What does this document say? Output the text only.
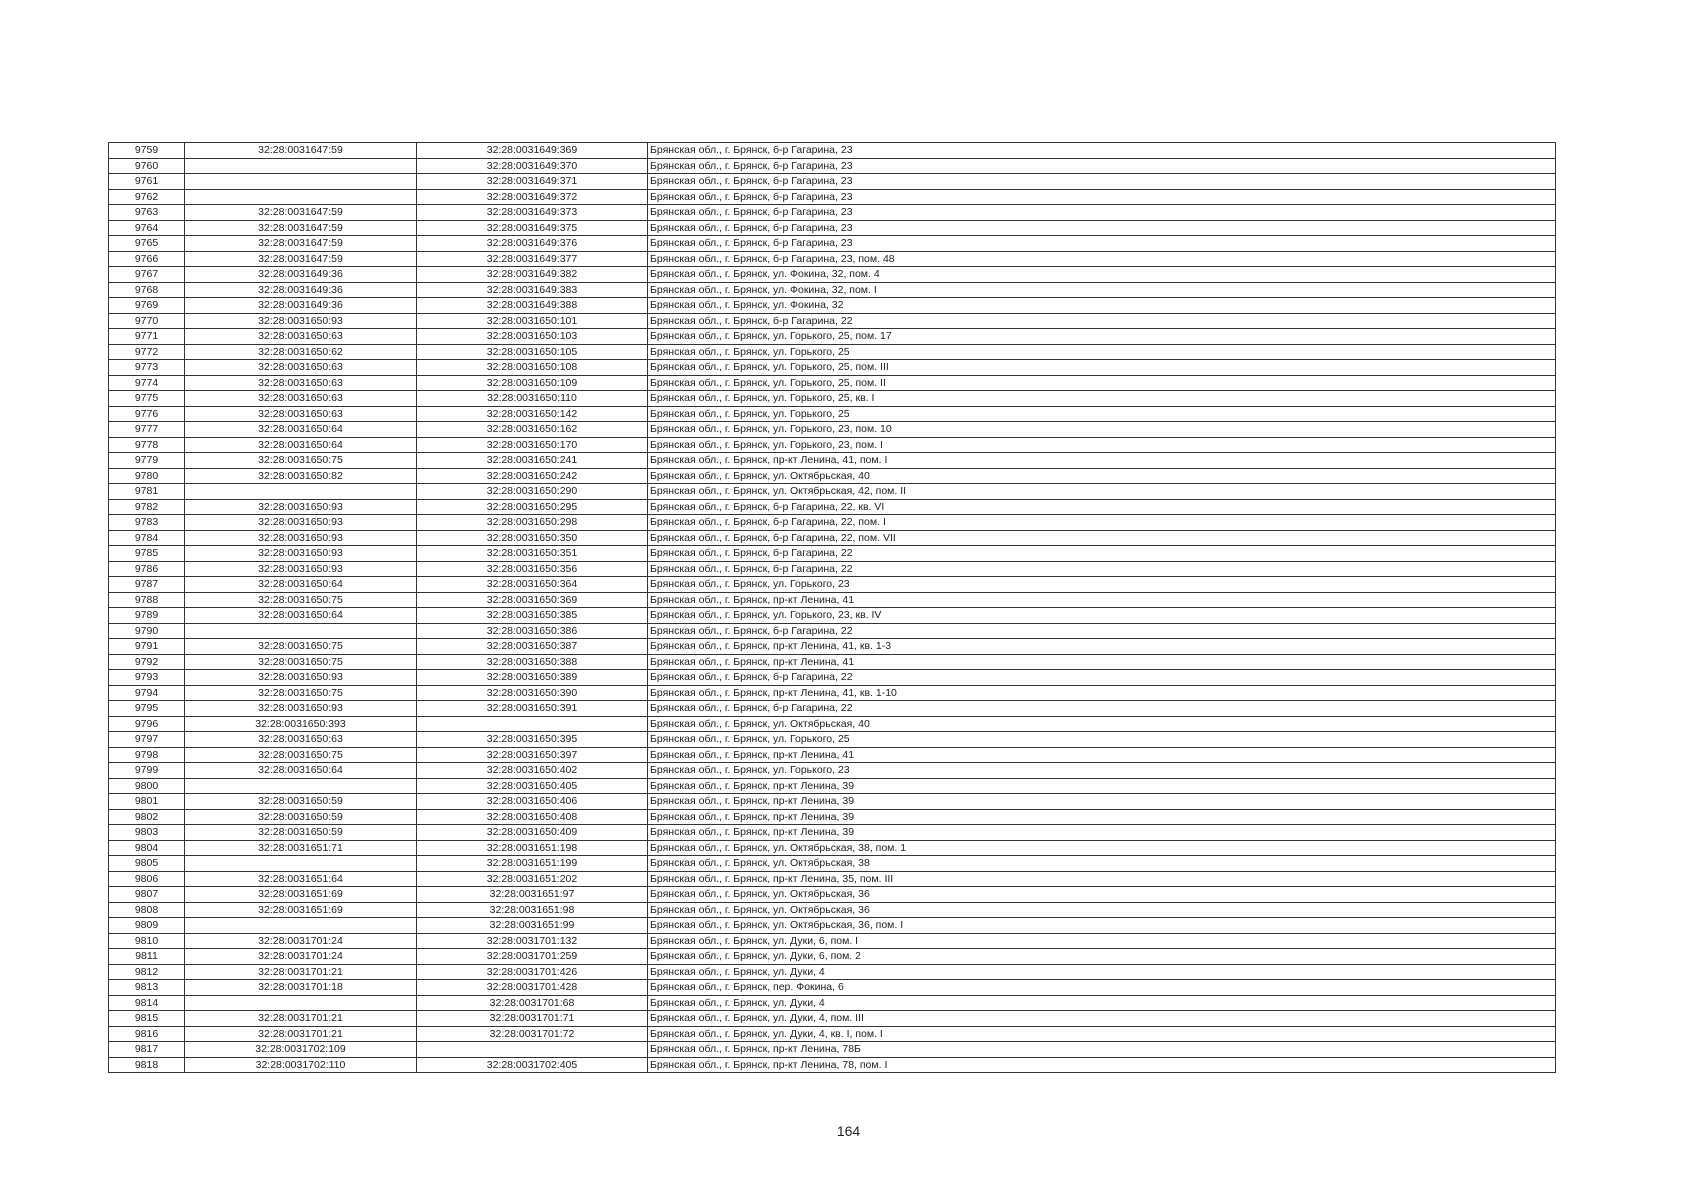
9759	32:28:0031647:59	32:28:0031649:369	Брянская обл., г. Брянск, б-р Гагарина, 23
9760		32:28:0031649:370	Брянская обл., г. Брянск, б-р Гагарина, 23
9761		32:28:0031649:371	Брянская обл., г. Брянск, б-р Гагарина, 23
9762		32:28:0031649:372	Брянская обл., г. Брянск, б-р Гагарина, 23
9763	32:28:0031647:59	32:28:0031649:373	Брянская обл., г. Брянск, б-р Гагарина, 23
9764	32:28:0031647:59	32:28:0031649:375	Брянская обл., г. Брянск, б-р Гагарина, 23
9765	32:28:0031647:59	32:28:0031649:376	Брянская обл., г. Брянск, б-р Гагарина, 23
9766	32:28:0031647:59	32:28:0031649:377	Брянская обл., г. Брянск, б-р Гагарина, 23, пом. 48
9767	32:28:0031649:36	32:28:0031649:382	Брянская обл., г. Брянск, ул. Фокина, 32, пом. 4
9768	32:28:0031649:36	32:28:0031649:383	Брянская обл., г. Брянск, ул. Фокина, 32, пом. I
9769	32:28:0031649:36	32:28:0031649:388	Брянская обл., г. Брянск, ул. Фокина, 32
9770	32:28:0031650:93	32:28:0031650:101	Брянская обл., г. Брянск, б-р Гагарина, 22
9771	32:28:0031650:63	32:28:0031650:103	Брянская обл., г. Брянск, ул. Горького, 25, пом. 17
9772	32:28:0031650:62	32:28:0031650:105	Брянская обл., г. Брянск, ул. Горького, 25
9773	32:28:0031650:63	32:28:0031650:108	Брянская обл., г. Брянск, ул. Горького, 25, пом. III
9774	32:28:0031650:63	32:28:0031650:109	Брянская обл., г. Брянск, ул. Горького, 25, пом. II
9775	32:28:0031650:63	32:28:0031650:110	Брянская обл., г. Брянск, ул. Горького, 25, кв. I
9776	32:28:0031650:63	32:28:0031650:142	Брянская обл., г. Брянск, ул. Горького, 25
9777	32:28:0031650:64	32:28:0031650:162	Брянская обл., г. Брянск, ул. Горького, 23, пом. 10
9778	32:28:0031650:64	32:28:0031650:170	Брянская обл., г. Брянск, ул. Горького, 23, пом. I
9779	32:28:0031650:75	32:28:0031650:241	Брянская обл., г. Брянск, пр-кт Ленина, 41, пом. I
9780	32:28:0031650:82	32:28:0031650:242	Брянская обл., г. Брянск, ул. Октябрьская, 40
9781		32:28:0031650:290	Брянская обл., г. Брянск, ул. Октябрьская, 42, пом. II
9782	32:28:0031650:93	32:28:0031650:295	Брянская обл., г. Брянск, б-р Гагарина, 22, кв. VI
9783	32:28:0031650:93	32:28:0031650:298	Брянская обл., г. Брянск, б-р Гагарина, 22, пом. I
9784	32:28:0031650:93	32:28:0031650:350	Брянская обл., г. Брянск, б-р Гагарина, 22, пом. VII
9785	32:28:0031650:93	32:28:0031650:351	Брянская обл., г. Брянск, б-р Гагарина, 22
9786	32:28:0031650:93	32:28:0031650:356	Брянская обл., г. Брянск, б-р Гагарина, 22
9787	32:28:0031650:64	32:28:0031650:364	Брянская обл., г. Брянск, ул. Горького, 23
9788	32:28:0031650:75	32:28:0031650:369	Брянская обл., г. Брянск, пр-кт Ленина, 41
9789	32:28:0031650:64	32:28:0031650:385	Брянская обл., г. Брянск, ул. Горького, 23, кв. IV
9790		32:28:0031650:386	Брянская обл., г. Брянск, б-р Гагарина, 22
9791	32:28:0031650:75	32:28:0031650:387	Брянская обл., г. Брянск, пр-кт Ленина, 41, кв. 1-3
9792	32:28:0031650:75	32:28:0031650:388	Брянская обл., г. Брянск, пр-кт Ленина, 41
9793	32:28:0031650:93	32:28:0031650:389	Брянская обл., г. Брянск, б-р Гагарина, 22
9794	32:28:0031650:75	32:28:0031650:390	Брянская обл., г. Брянск, пр-кт Ленина, 41, кв. 1-10
9795	32:28:0031650:93	32:28:0031650:391	Брянская обл., г. Брянск, б-р Гагарина, 22
9796	32:28:0031650:393		Брянская обл., г. Брянск, ул. Октябрьская, 40
9797	32:28:0031650:63	32:28:0031650:395	Брянская обл., г. Брянск, ул. Горького, 25
9798	32:28:0031650:75	32:28:0031650:397	Брянская обл., г. Брянск, пр-кт Ленина, 41
9799	32:28:0031650:64	32:28:0031650:402	Брянская обл., г. Брянск, ул. Горького, 23
9800		32:28:0031650:405	Брянская обл., г. Брянск, пр-кт Ленина, 39
9801	32:28:0031650:59	32:28:0031650:406	Брянская обл., г. Брянск, пр-кт Ленина, 39
9802	32:28:0031650:59	32:28:0031650:408	Брянская обл., г. Брянск, пр-кт Ленина, 39
9803	32:28:0031650:59	32:28:0031650:409	Брянская обл., г. Брянск, пр-кт Ленина, 39
9804	32:28:0031651:71	32:28:0031651:198	Брянская обл., г. Брянск, ул. Октябрьская, 38, пом. 1
9805		32:28:0031651:199	Брянская обл., г. Брянск, ул. Октябрьская, 38
9806	32:28:0031651:64	32:28:0031651:202	Брянская обл., г. Брянск, пр-кт Ленина, 35, пом. III
9807	32:28:0031651:69	32:28:0031651:97	Брянская обл., г. Брянск, ул. Октябрьская, 36
9808	32:28:0031651:69	32:28:0031651:98	Брянская обл., г. Брянск, ул. Октябрьская, 36
9809		32:28:0031651:99	Брянская обл., г. Брянск, ул. Октябрьская, 36, пом. I
9810	32:28:0031701:24	32:28:0031701:132	Брянская обл., г. Брянск, ул. Дуки, 6, пом. I
9811	32:28:0031701:24	32:28:0031701:259	Брянская обл., г. Брянск, ул. Дуки, 6, пом. 2
9812	32:28:0031701:21	32:28:0031701:426	Брянская обл., г. Брянск, ул. Дуки, 4
9813	32:28:0031701:18	32:28:0031701:428	Брянская обл., г. Брянск, пер. Фокина, 6
9814		32:28:0031701:68	Брянская обл., г. Брянск, ул. Дуки, 4
9815	32:28:0031701:21	32:28:0031701:71	Брянская обл., г. Брянск, ул. Дуки, 4, пом. III
9816	32:28:0031701:21	32:28:0031701:72	Брянская обл., г. Брянск, ул. Дуки, 4, кв. I, пом. I
9817	32:28:0031702:109		Брянская обл., г. Брянск, пр-кт Ленина, 78Б
9818	32:28:0031702:110	32:28:0031702:405	Брянская обл., г. Брянск, пр-кт Ленина, 78, пом. I
164
